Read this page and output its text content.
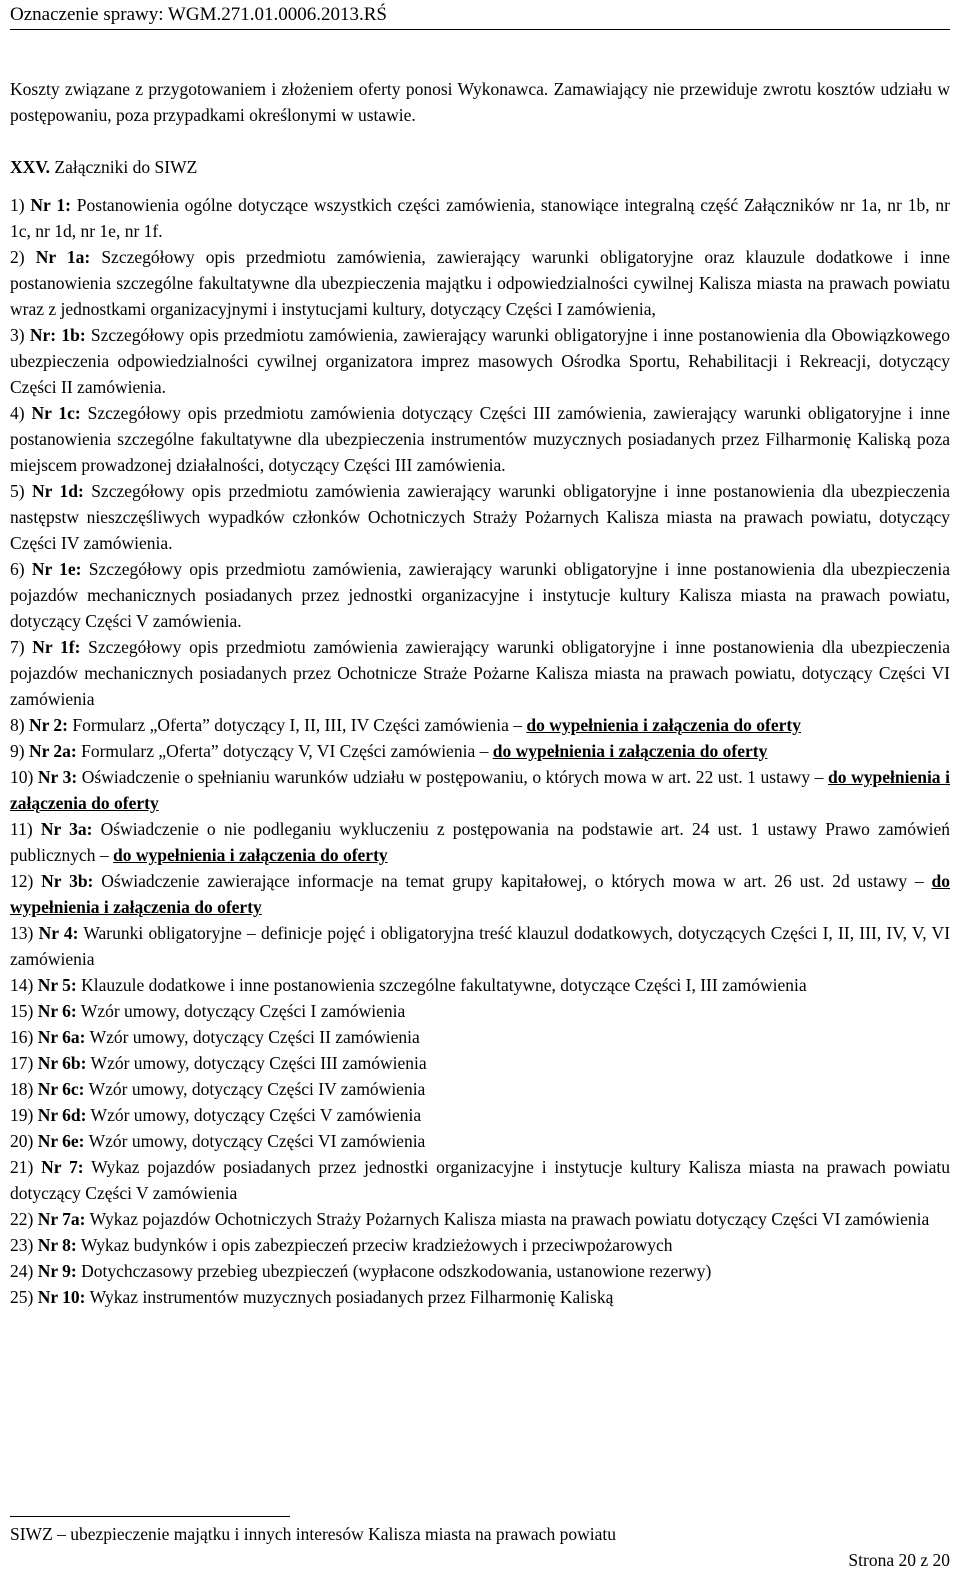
Oznaczenie sprawy: WGM.271.01.0006.2013.RŚ

Koszty związane z przygotowaniem i złożeniem oferty ponosi Wykonawca. Zamawiający nie przewiduje zwrotu kosztów udziału w postępowaniu, poza przypadkami określonymi w ustawie.

XXV. Załączniki do SIWZ

1) Nr 1: Postanowienia ogólne dotyczące wszystkich części zamówienia, stanowiące integralną część Załączników nr 1a, nr 1b, nr 1c, nr 1d, nr 1e, nr 1f.

2) Nr 1a: Szczegółowy opis przedmiotu zamówienia, zawierający warunki obligatoryjne oraz klauzule dodatkowe i inne postanowienia szczególne fakultatywne dla ubezpieczenia majątku i odpowiedzialności cywilnej Kalisza miasta na prawach powiatu wraz z jednostkami organizacyjnymi i instytucjami kultury, dotyczący Części I zamówienia,

3) Nr: 1b: Szczegółowy opis przedmiotu zamówienia, zawierający warunki obligatoryjne i inne postanowienia dla Obowiązkowego ubezpieczenia odpowiedzialności cywilnej organizatora imprez masowych Ośrodka Sportu, Rehabilitacji i Rekreacji, dotyczący Części II zamówienia.

4) Nr 1c: Szczegółowy opis przedmiotu zamówienia dotyczący Części III zamówienia, zawierający warunki obligatoryjne i inne postanowienia szczególne fakultatywne dla ubezpieczenia instrumentów muzycznych posiadanych przez Filharmonię Kaliską poza miejscem prowadzonej działalności, dotyczący Części III zamówienia.

5) Nr 1d: Szczegółowy opis przedmiotu zamówienia zawierający warunki obligatoryjne i inne postanowienia dla ubezpieczenia następstw nieszczęśliwych wypadków członków Ochotniczych Straży Pożarnych Kalisza miasta na prawach powiatu, dotyczący Części IV zamówienia.

6) Nr 1e: Szczegółowy opis przedmiotu zamówienia, zawierający warunki obligatoryjne i inne postanowienia dla ubezpieczenia pojazdów mechanicznych posiadanych przez jednostki organizacyjne i instytucje kultury Kalisza miasta na prawach powiatu, dotyczący Części V zamówienia.

7) Nr 1f: Szczegółowy opis przedmiotu zamówienia zawierający warunki obligatoryjne i inne postanowienia dla ubezpieczenia pojazdów mechanicznych posiadanych przez Ochotnicze Straże Pożarne Kalisza miasta na prawach powiatu, dotyczący Części VI zamówienia

8) Nr 2: Formularz „Oferta” dotyczący I, II, III, IV Części zamówienia – do wypełnienia i załączenia do oferty

9) Nr 2a: Formularz „Oferta” dotyczący V, VI Części zamówienia – do wypełnienia i załączenia do oferty

10) Nr 3: Oświadczenie o spełnianiu warunków udziału w postępowaniu, o których mowa w art. 22 ust. 1 ustawy – do wypełnienia i załączenia do oferty

11) Nr 3a: Oświadczenie o nie podleganiu wykluczeniu z postępowania na podstawie art. 24 ust. 1 ustawy Prawo zamówień publicznych – do wypełnienia i załączenia do oferty

12) Nr 3b: Oświadczenie zawierające informacje na temat grupy kapitałowej, o których mowa w art. 26 ust. 2d ustawy – do wypełnienia i załączenia do oferty

13) Nr 4: Warunki obligatoryjne – definicje pojęć i obligatoryjna treść klauzul dodatkowych, dotyczących Części I, II, III, IV, V, VI zamówienia

14) Nr 5: Klauzule dodatkowe i inne postanowienia szczególne fakultatywne, dotyczące Części I, III zamówienia

15) Nr 6: Wzór umowy, dotyczący Części I zamówienia

16) Nr 6a: Wzór umowy, dotyczący Części II zamówienia

17) Nr 6b: Wzór umowy, dotyczący Części III zamówienia

18) Nr 6c: Wzór umowy, dotyczący Części IV zamówienia

19) Nr 6d: Wzór umowy, dotyczący Części V zamówienia

20) Nr 6e: Wzór umowy, dotyczący Części VI zamówienia

21) Nr 7: Wykaz pojazdów posiadanych przez jednostki organizacyjne i instytucje kultury Kalisza miasta na prawach powiatu dotyczący Części V zamówienia

22) Nr 7a: Wykaz pojazdów Ochotniczych Straży Pożarnych Kalisza miasta na prawach powiatu dotyczący Części VI zamówienia

23) Nr 8: Wykaz budynków i opis zabezpieczeń przeciw kradzieżowych i przeciwpożarowych

24) Nr 9: Dotychczasowy przebieg ubezpieczeń (wypłacone odszkodowania, ustanowione rezerwy)

25) Nr 10: Wykaz instrumentów muzycznych posiadanych przez Filharmonię Kaliską

SIWZ – ubezpieczenie majątku i innych interesów Kalisza miasta na prawach powiatu
Strona 20 z 20
